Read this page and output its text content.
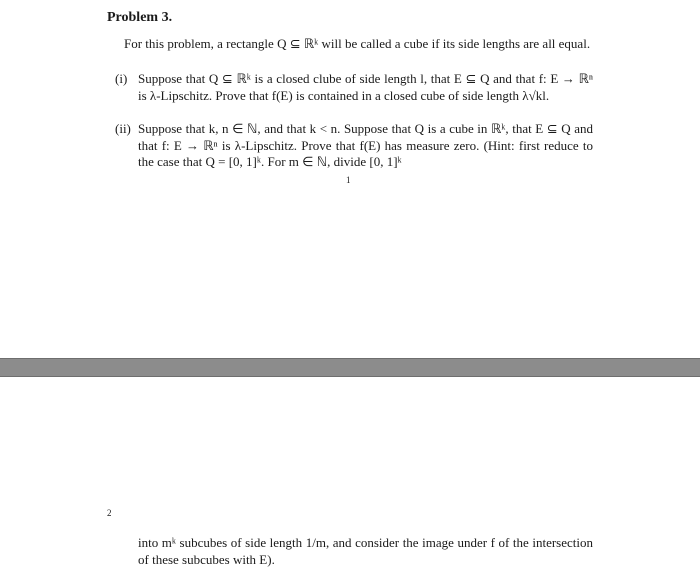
Problem 3.
For this problem, a rectangle Q ⊆ ℝᵏ will be called a cube if its side lengths are all equal.
(i) Suppose that Q ⊆ ℝᵏ is a closed clube of side length l, that E ⊆ Q and that f: E → ℝⁿ is λ-Lipschitz. Prove that f(E) is contained in a closed cube of side length λ√kl.
(ii) Suppose that k, n ∈ ℕ, and that k < n. Suppose that Q is a cube in ℝᵏ, that E ⊆ Q and that f: E → ℝⁿ is λ-Lipschitz. Prove that f(E) has measure zero. (Hint: first reduce to the case that Q = [0, 1]ᵏ. For m ∈ ℕ, divide [0, 1]ᵏ
1
2
into mᵏ subcubes of side length 1/m, and consider the image under f of the intersection of these subcubes with E).
